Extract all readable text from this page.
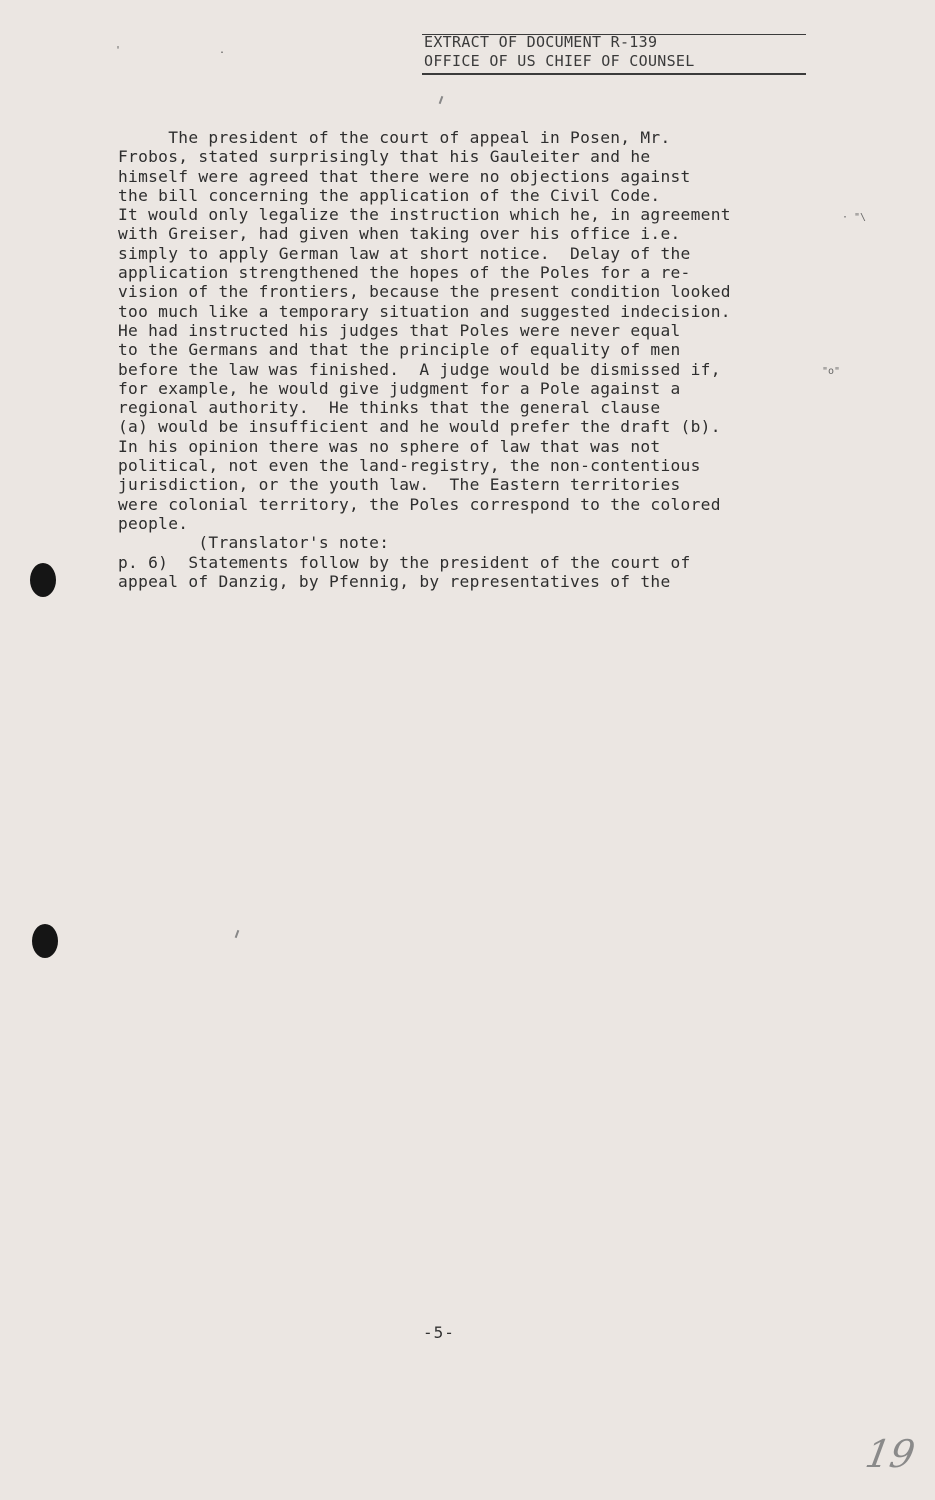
' .	EXTRACT OF DOCUMENT R-139
OFFICE OF US CHIEF OF COUNSEL
The president of the court of appeal in Posen, Mr.
Frobos, stated surprisingly that his Gauleiter and he
himself were agreed that there were no objections against
the bill concerning the application of the Civil Code.
It would only legalize the instruction which he, in agreement
with Greiser, had given when taking over his office i.e.
simply to apply German law at short notice.  Delay of the
application strengthened the hopes of the Poles for a re-
vision of the frontiers, because the present condition looked
too much like a temporary situation and suggested indecision.
He had instructed his judges that Poles were never equal
to the Germans and that the principle of equality of men
before the law was finished.  A judge would be dismissed if,
for example, he would give judgment for a Pole against a
regional authority.  He thinks that the general clause
(a) would be insufficient and he would prefer the draft (b).
In his opinion there was no sphere of law that was not
political, not even the land-registry, the non-contentious
jurisdiction, or the youth law.  The Eastern territories
were colonial territory, the Poles correspond to the colored
people.
(Translator's note:
p. 6)  Statements follow by the president of the court of
appeal of Danzig, by Pfennig, by representatives of the
· "\
"o"
-5-
19
